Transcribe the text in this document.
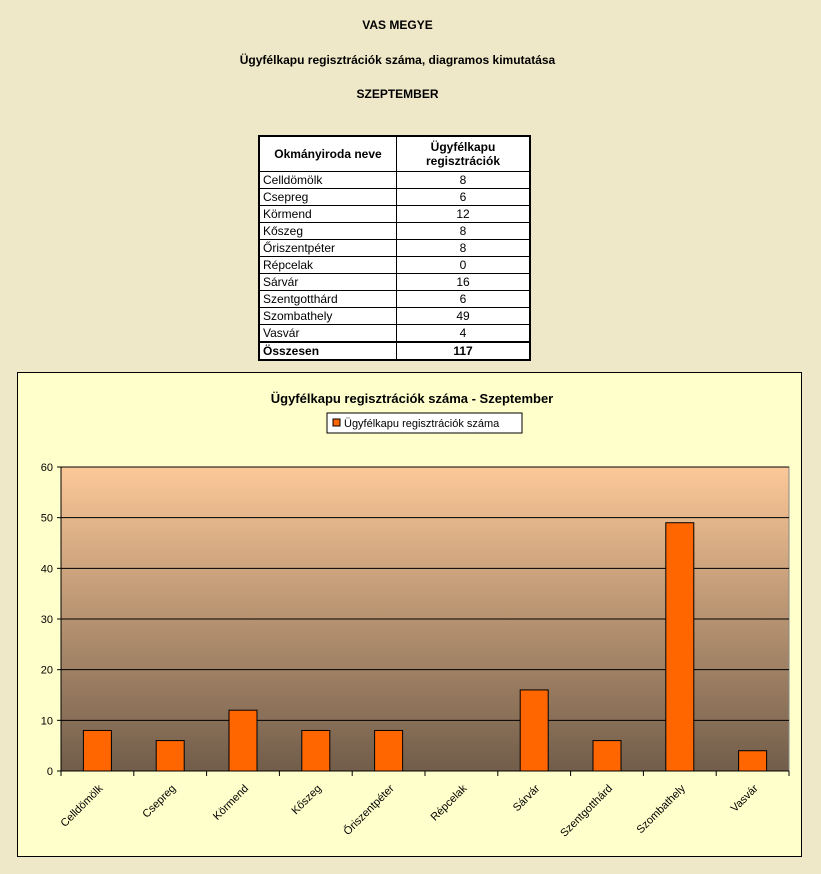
VAS MEGYE
Ügyfélkapu regisztrációk száma, diagramos kimutatása
SZEPTEMBER
Okmányiroda neve	Ügyfélkapu
regisztrációk
Celldömölk	8
Csepreg	6
Körmend	12
Kőszeg	8
Őriszentpéter	8
Répcelak	0
Sárvár	16
Szentgotthárd	6
Szombathely	49
Vasvár	4
Összesen	117
Ügyfélkapu regisztrációk száma - Szeptember
Ügyfélkapu regisztrációk száma
0
10
20
30
40
50
60
Celldömölk	Csepreg	Körmend	Kőszeg Őriszentpéter	Répcelak	Sárvár Szentgotthárd Szombathely	Vasvár
